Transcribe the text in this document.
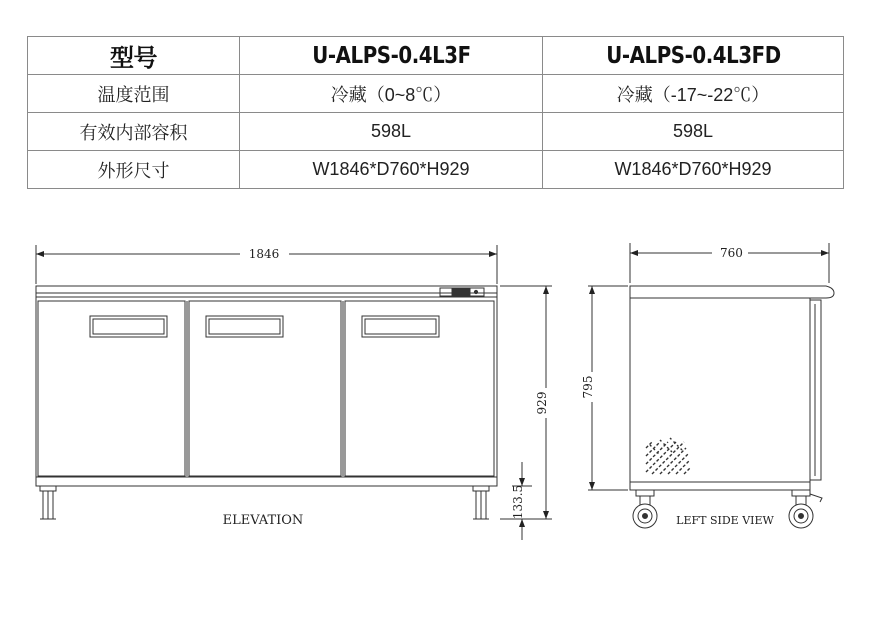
型号	U-ALPS-0.4L3F	U-ALPS-0.4L3FD
温度范围	冷藏（0~8℃）	冷藏（-17~-22℃）
有效内部容积	598L	598L
外形尺寸	W1846*D760*H929	W1846*D760*H929
929
133.5
1846
ELEVATION
760
795
LEFT SIDE VIEW
